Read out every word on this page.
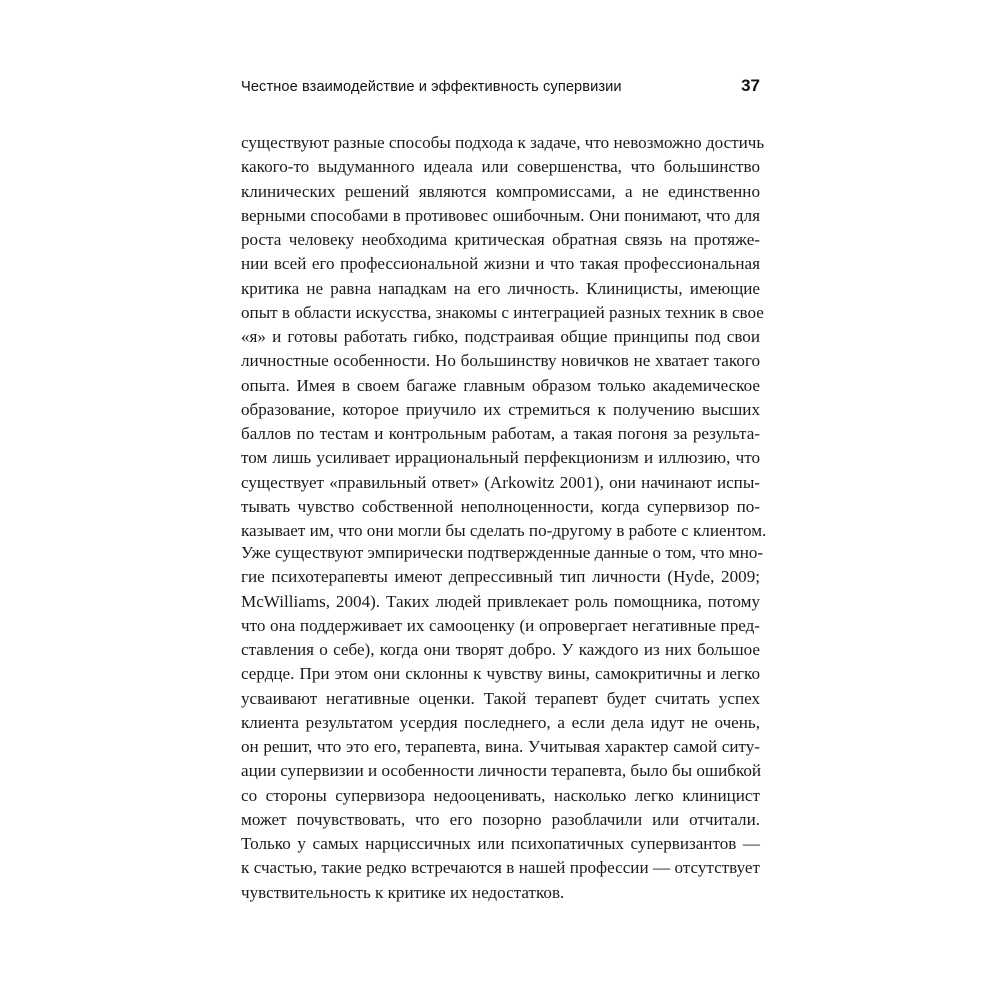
Честное взаимодействие и эффективность супервизии	37
существуют разные способы подхода к задаче, что невозможно достичь
какого-то выдуманного идеала или совершенства, что большинство
клинических решений являются компромиссами, а не единственно
верными способами в противовес ошибочным. Они понимают, что для
роста человеку необходима критическая обратная связь на протяже-
нии всей его профессиональной жизни и что такая профессиональная
критика не равна нападкам на его личность. Клиницисты, имеющие
опыт в области искусства, знакомы с интеграцией разных техник в свое
«я» и готовы работать гибко, подстраивая общие принципы под свои
личностные особенности. Но большинству новичков не хватает такого
опыта. Имея в своем багаже главным образом только академическое
образование, которое приучило их стремиться к получению высших
баллов по тестам и контрольным работам, а такая погоня за результа-
том лишь усиливает иррациональный перфекционизм и иллюзию, что
существует «правильный ответ» (Arkowitz 2001), они начинают испы-
тывать чувство собственной неполноценности, когда супервизор по-
казывает им, что они могли бы сделать по-другому в работе с клиентом.
Уже существуют эмпирически подтвержденные данные о том, что мно-
гие психотерапевты имеют депрессивный тип личности (Hyde, 2009;
McWilliams, 2004). Таких людей привлекает роль помощника, потому
что она поддерживает их самооценку (и опровергает негативные пред-
ставления о себе), когда они творят добро. У каждого из них большое
сердце. При этом они склонны к чувству вины, самокритичны и легко
усваивают негативные оценки. Такой терапевт будет считать успех
клиента результатом усердия последнего, а если дела идут не очень,
он решит, что это его, терапевта, вина. Учитывая характер самой ситу-
ации супервизии и особенности личности терапевта, было бы ошибкой
со стороны супервизора недооценивать, насколько легко клиницист
может почувствовать, что его позорно разоблачили или отчитали.
Только у самых нарциссичных или психопатичных супервизантов —
к счастью, такие редко встречаются в нашей профессии — отсутствует
чувствительность к критике их недостатков.
